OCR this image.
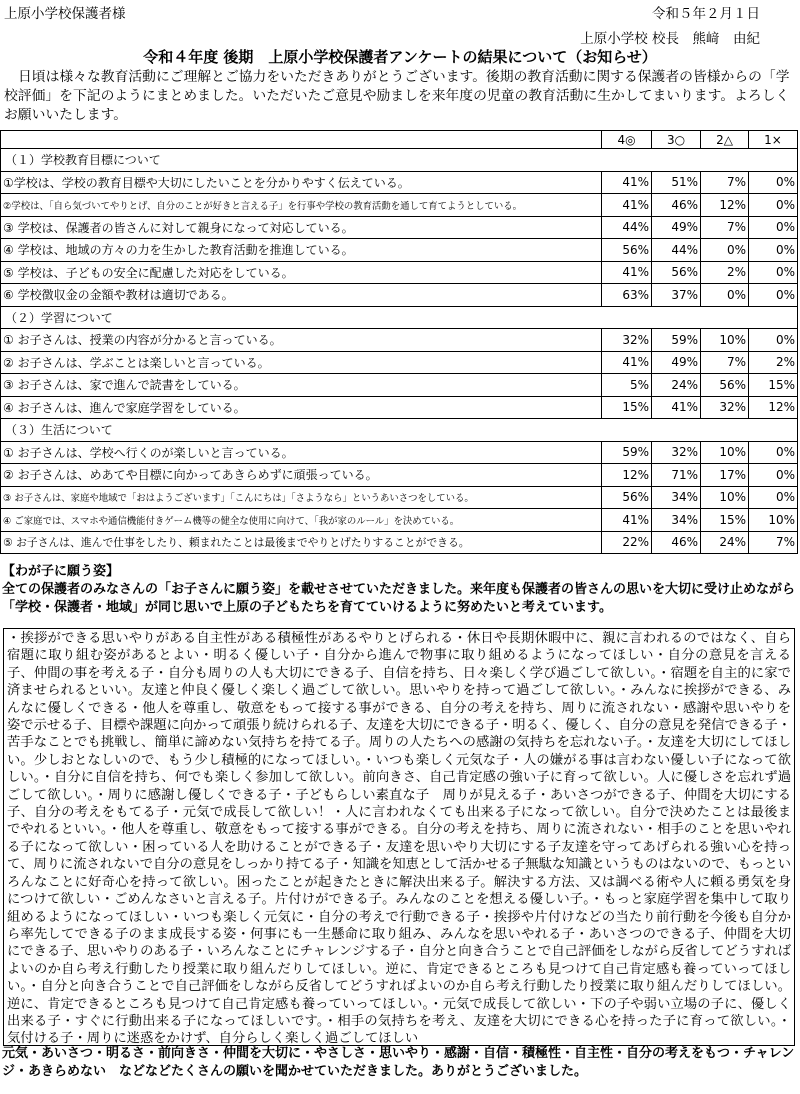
上原小学校保護者様	令和５年２月１日
上原小学校 校長　熊﨑　由紀
令和４年度 後期　上原小学校保護者アンケートの結果について（お知らせ）
日頃は様々な教育活動にご理解とご協力をいただきありがとうございます。後期の教育活動に関する保護者の皆様からの「学校評価」を下記のようにまとめました。いただいたご意見や励ましを来年度の児童の教育活動に生かしてまいります。よろしくお願いいたします。
	4◎	3○	2△	1×
（１）学校教育目標について				
①学校は、学校の教育目標や大切にしたいことを分かりやすく伝えている。	41%	51%	7%	0%
②学校は、「自ら気づいてやりとげ、自分のことが好きと言える子」を行事や学校の教育活動を通して育てようとしている。	41%	46%	12%	0%
③ 学校は、保護者の皆さんに対して親身になって対応している。	44%	49%	7%	0%
④ 学校は、地域の方々の力を生かした教育活動を推進している。	56%	44%	0%	0%
⑤ 学校は、子どもの安全に配慮した対応をしている。	41%	56%	2%	0%
⑥ 学校徴収金の金額や教材は適切である。	63%	37%	0%	0%
（２）学習について				
① お子さんは、授業の内容が分かると言っている。	32%	59%	10%	0%
② お子さんは、学ぶことは楽しいと言っている。	41%	49%	7%	2%
③ お子さんは、家で進んで読書をしている。	5%	24%	56%	15%
④ お子さんは、進んで家庭学習をしている。	15%	41%	32%	12%
（３）生活について				
① お子さんは、学校へ行くのが楽しいと言っている。	59%	32%	10%	0%
② お子さんは、めあてや目標に向かってあきらめずに頑張っている。	12%	71%	17%	0%
③ お子さんは、家庭や地域で「おはようございます」「こんにちは」「さようなら」というあいさつをしている。	56%	34%	10%	0%
④ ご家庭では、スマホや通信機能付きゲーム機等の健全な使用に向けて、「我が家のルール」を決めている。	41%	34%	15%	10%
⑤ お子さんは、進んで仕事をしたり、頼まれたことは最後までやりとげたりすることができる。	22%	46%	24%	7%
【わが子に願う姿】
全ての保護者のみなさんの「お子さんに願う姿」を載せさせていただきました。来年度も保護者の皆さんの思いを大切に受け止めながら「学校・保護者・地域」が同じ思いで上原の子どもたちを育てていけるように努めたいと考えています。
・挨拶ができる思いやりがある自主性がある積極性があるやりとげられる・休日や長期休暇中に、親に言われるのではなく、自ら宿題に取り組む姿があるとよい・明るく優しい子・自分から進んで物事に取り組めるようになってほしい・自分の意見を言える子、仲間の事を考える子・自分も周りの人も大切にできる子、自信を持ち、日々楽しく学び過ごして欲しい。・宿題を自主的に家で済ませられるといい。友達と仲良く優しく楽しく過ごして欲しい。思いやりを持って過ごして欲しい。・みんなに挨拶ができる、みんなに優しくできる・他人を尊重し、敬意をもって接する事ができる、自分の考えを持ち、周りに流されない・感謝や思いやりを姿で示せる子、目標や課題に向かって頑張り続けられる子、友達を大切にできる子・明るく、優しく、自分の意見を発信できる子・苦手なことでも挑戦し、簡単に諦めない気持ちを持てる子。周りの人たちへの感謝の気持ちを忘れない子。・友達を大切にしてほしい。少しおとなしいので、もう少し積極的になってほしい。・いつも楽しく元気な子・人の嫌がる事は言わない優しい子になって欲しい。・自分に自信を持ち、何でも楽しく参加して欲しい。前向きさ、自己肯定感の強い子に育って欲しい。人に優しさを忘れず過ごして欲しい。・周りに感謝し優しくできる子・子どもらしい素直な子　周りが見える子・あいさつができる子、仲間を大切にする子、自分の考えをもてる子・元気で成長して欲しい！・人に言われなくても出来る子になって欲しい。自分で決めたことは最後までやれるといい。・他人を尊重し、敬意をもって接する事ができる。自分の考えを持ち、周りに流されない・相手のことを思いやれる子になって欲しい・困っている人を助けることができる子・友達を思いやり大切にする子友達を守ってあげられる強い心を持って、周りに流されないで自分の意見をしっかり持てる子・知識を知恵として活かせる子無駄な知識というものはないので、もっといろんなことに好奇心を持って欲しい。困ったことが起きたときに解決出来る子。解決する方法、又は調べる術や人に頼る勇気を身につけて欲しい・ごめんなさいと言える子。片付けができる子。みんなのことを想える優しい子。・もっと家庭学習を集中して取り組めるようになってほしい・いつも楽しく元気に・自分の考えで行動できる子・挨拶や片付けなどの当たり前行動を今後も自分から率先してできる子のまま成長する姿・何事にも一生懸命に取り組み、みんなを思いやれる子・あいさつのできる子、仲間を大切にできる子、思いやりのある子・いろんなことにチャレンジする子・自分と向き合うことで自己評価をしながら反省してどうすればよいのか自ら考え行動したり授業に取り組んだりしてほしい。逆に、肯定できるところも見つけて自己肯定感も養っていってほしい。・自分と向き合うことで自己評価をしながら反省してどうすればよいのか自ら考え行動したり授業に取り組んだりしてほしい。逆に、肯定できるところも見つけて自己肯定感も養っていってほしい。・元気で成長して欲しい・下の子や弱い立場の子に、優しく出来る子・すぐに行動出来る子になってほしいです。・相手の気持ちを考え、友達を大切にできる心を持った子に育って欲しい。・気付ける子・周りに迷惑をかけず、自分らしく楽しく過ごしてほしい
元気・あいさつ・明るさ・前向きさ・仲間を大切に・やさしさ・思いやり・感謝・自信・積極性・自主性・自分の考えをもつ・チャレンジ・あきらめない　などなどたくさんの願いを聞かせていただきました。ありがとうございました。
